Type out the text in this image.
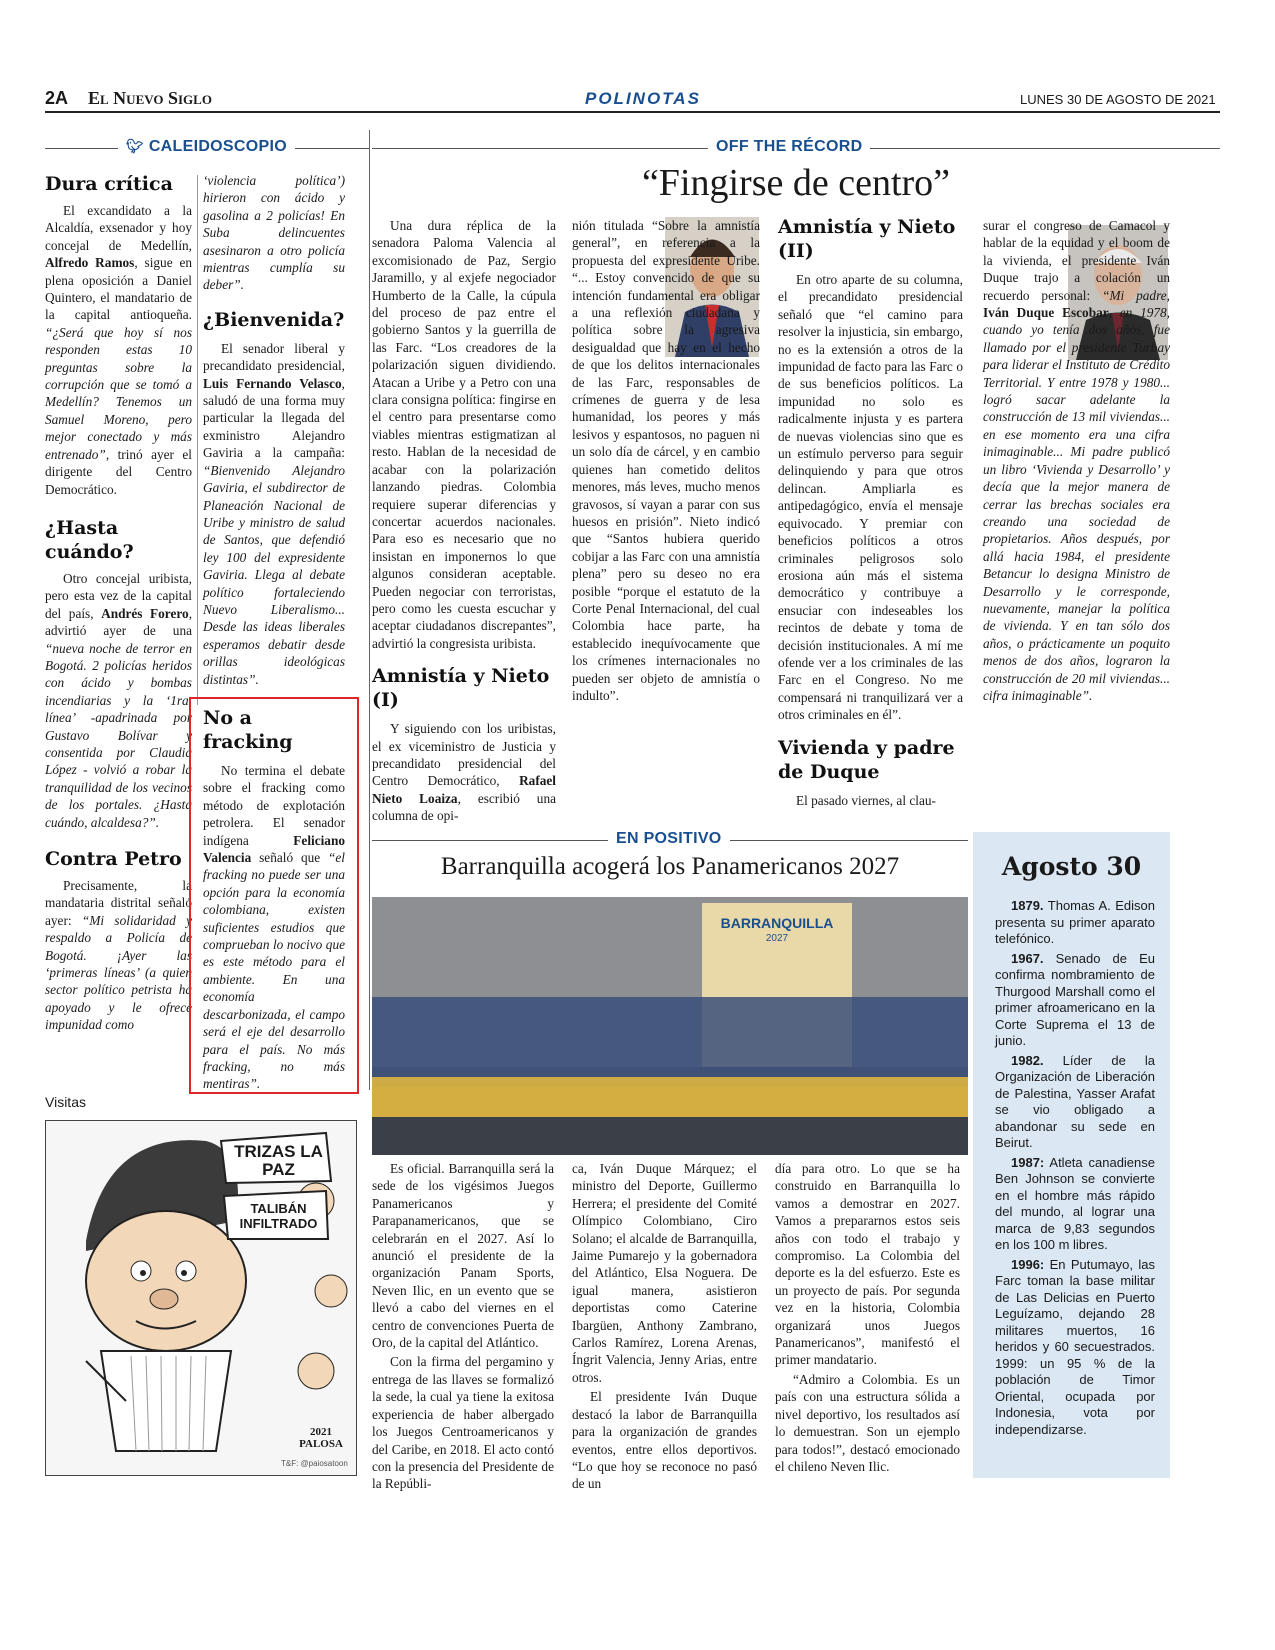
2A El Nuevo Siglo	POLINOTAS	LUNES 30 DE AGOSTO DE 2021
🐦︎ CALEIDOSCOPIO
Dura crítica

El excandidato a la Alcaldía, exsenador y hoy concejal de Medellín, Alfredo Ramos, sigue en plena oposición a Daniel Quintero, el mandatario de la capital antioqueña. “¿Será que hoy sí nos responden estas 10 preguntas sobre la corrupción que se tomó a Medellín? Tenemos un Samuel Moreno, pero mejor conectado y más entrenado”, trinó ayer el dirigente del Centro Democrático.

¿Hasta cuándo?

Otro concejal uribista, pero esta vez de la capital del país, Andrés Forero, advirtió ayer de una “nueva noche de terror en Bogotá. 2 policías heridos con ácido y bombas incendiarias y la ‘1ra. línea’ -apadrinada por Gustavo Bolívar y consentida por Claudia López - volvió a robar la tranquilidad de los vecinos de los portales. ¿Hasta cuándo, alcaldesa?”.

Contra Petro

Precisamente, la mandataria distrital señaló ayer: “Mi solidaridad y respaldo a Policía de Bogotá. ¡Ayer las ‘primeras líneas’ (a quien sector político petrista ha apoyado y le ofrece impunidad como

‘violencia política’) hirieron con ácido y gasolina a 2 policías! En Suba delincuentes asesinaron a otro policía mientras cumplía su deber”.
¿Bienvenida?

El senador liberal y precandidato presidencial, Luis Fernando Velasco, saludó de una forma muy particular la llegada del exministro Alejandro Gaviria a la campaña: “Bienvenido Alejandro Gaviria, el subdirector de Planeación Nacional de Uribe y ministro de salud de Santos, que defendió ley 100 del expresidente Gaviria. Llega al debate político fortaleciendo Nuevo Liberalismo... Desde las ideas liberales esperamos debatir desde orillas ideológicas distintas”.

No a fracking

No termina el debate sobre el fracking como método de explotación petrolera. El senador indígena Feliciano Valencia señaló que “el fracking no puede ser una opción para la economía colombiana, existen suficientes estudios que comprueban lo nocivo que es este método para el ambiente. En una economía descarbonizada, el campo será el eje del desarrollo para el país. No más fracking, no más mentiras”.

Visitas
TRIZAS LA PAZ
TALIBÁN INFILTRADO
2021
PALOSA
T&F: @paiosatoon
OFF THE RÉCORD
“Fingirse de centro”

Una dura réplica de la senadora Paloma Valencia al excomisionado de Paz, Sergio Jaramillo, y al exjefe negociador Humberto de la Calle, la cúpula del proceso de paz entre el gobierno Santos y la guerrilla de las Farc. “Los creadores de la polarización siguen dividiendo. Atacan a Uribe y a Petro con una clara consigna política: fingirse en el centro para presentarse como viables mientras estigmatizan al resto. Hablan de la necesidad de acabar con la polarización lanzando piedras. Colombia requiere superar diferencias y concertar acuerdos nacionales. Para eso es necesario que no insistan en imponernos lo que algunos consideran aceptable. Pueden negociar con terroristas, pero como les cuesta escuchar y aceptar ciudadanos discrepantes”, advirtió la congresista uribista.

Amnistía y Nieto (I)

Y siguiendo con los uribistas, el ex viceministro de Justicia y precandidato presidencial del Centro Democrático, Rafael Nieto Loaiza, escribió una columna de opi-

nión titulada “Sobre la amnistía general”, en referencia a la propuesta del expresidente Uribe. “... Estoy convencido de que su intención fundamental era obligar a una reflexión ciudadana y política sobre la agresiva desigualdad que hay en el hecho de que los delitos internacionales de las Farc, responsables de crímenes de guerra y de lesa humanidad, los peores y más lesivos y espantosos, no paguen ni un solo día de cárcel, y en cambio quienes han cometido delitos menores, más leves, mucho menos gravosos, sí vayan a parar con sus huesos en prisión”. Nieto indicó que “Santos hubiera querido cobijar a las Farc con una amnistía plena” pero su deseo no era posible “porque el estatuto de la Corte Penal Internacional, del cual Colombia hace parte, ha establecido inequívocamente que los crímenes internacionales no pueden ser objeto de amnistía o indulto”.
Amnistía y Nieto (II)

En otro aparte de su columna, el precandidato presidencial señaló que “el camino para resolver la injusticia, sin embargo, no es la extensión a otros de la impunidad de facto para las Farc o de sus beneficios políticos. La impunidad no solo es radicalmente injusta y es partera de nuevas violencias sino que es un estímulo perverso para seguir delinquiendo y para que otros delincan. Ampliarla es antipedagógico, envía el mensaje equivocado. Y premiar con beneficios políticos a otros criminales peligrosos solo erosiona aún más el sistema democrático y contribuye a ensuciar con indeseables los recintos de debate y toma de decisión institucionales. A mí me ofende ver a los criminales de las Farc en el Congreso. No me compensará ni tranquilizará ver a otros criminales en él”.

Vivienda y padre de Duque

El pasado viernes, al clau-

surar el congreso de Camacol y hablar de la equidad y el boom de la vivienda, el presidente Iván Duque trajo a colación un recuerdo personal: “Mi padre, Iván Duque Escobar, en 1978, cuando yo tenía dos años, fue llamado por el presidente Turbay para liderar el Instituto de Crédito Territorial. Y entre 1978 y 1980... logró sacar adelante la construcción de 13 mil viviendas... en ese momento era una cifra inimaginable... Mi padre publicó un libro ‘Vivienda y Desarrollo’ y decía que la mejor manera de cerrar las brechas sociales era creando una sociedad de propietarios. Años después, por allá hacia 1984, el presidente Betancur lo designa Ministro de Desarrollo y le corresponde, nuevamente, manejar la política de vivienda. Y en tan sólo dos años, o prácticamente un poquito menos de dos años, lograron la construcción de 20 mil viviendas... cifra inimaginable”.
EN POSITIVO
Barranquilla acogerá los Panamericanos 2027
BARRANQUILLA
2027

Es oficial. Barranquilla será la sede de los vigésimos Juegos Panamericanos y Parapanamericanos, que se celebrarán en el 2027. Así lo anunció el presidente de la organización Panam Sports, Neven Ilic, en un evento que se llevó a cabo del viernes en el centro de convenciones Puerta de Oro, de la capital del Atlántico.

Con la firma del pergamino y entrega de las llaves se formalizó la sede, la cual ya tiene la exitosa experiencia de haber albergado los Juegos Centroamericanos y del Caribe, en 2018. El acto contó con la presencia del Presidente de la Repúbli-

ca, Iván Duque Márquez; el ministro del Deporte, Guillermo Herrera; el presidente del Comité Olímpico Colombiano, Ciro Solano; el alcalde de Barranquilla, Jaime Pumarejo y la gobernadora del Atlántico, Elsa Noguera. De igual manera, asistieron deportistas como Caterine Ibargüen, Anthony Zambrano, Carlos Ramírez, Lorena Arenas, Íngrit Valencia, Jenny Arias, entre otros.

El presidente Iván Duque destacó la labor de Barranquilla para la organización de grandes eventos, entre ellos deportivos. “Lo que hoy se reconoce no pasó de un

día para otro. Lo que se ha construido en Barranquilla lo vamos a demostrar en 2027. Vamos a prepararnos estos seis años con todo el trabajo y compromiso. La Colombia del deporte es la del esfuerzo. Este es un proyecto de país. Por segunda vez en la historia, Colombia organizará unos Juegos Panamericanos”, manifestó el primer mandatario.

“Admiro a Colombia. Es un país con una estructura sólida a nivel deportivo, los resultados así lo demuestran. Son un ejemplo para todos!”, destacó emocionado el chileno Neven Ilic.

Agosto 30

1879. Thomas A. Edison presenta su primer aparato telefónico.

1967. Senado de Eu confirma nombramiento de Thurgood Marshall como el primer afroamericano en la Corte Suprema el 13 de junio.

1982. Líder de la Organización de Liberación de Palestina, Yasser Arafat se vio obligado a abandonar su sede en Beirut.

1987: Atleta canadiense Ben Johnson se convierte en el hombre más rápido del mundo, al lograr una marca de 9,83 segundos en los 100 m libres.

1996: En Putumayo, las Farc toman la base militar de Las Delicias en Puerto Leguízamo, dejando 28 militares muertos, 16 heridos y 60 secuestrados. 1999: un 95 % de la población de Timor Oriental, ocupada por Indonesia, vota por independizarse.
